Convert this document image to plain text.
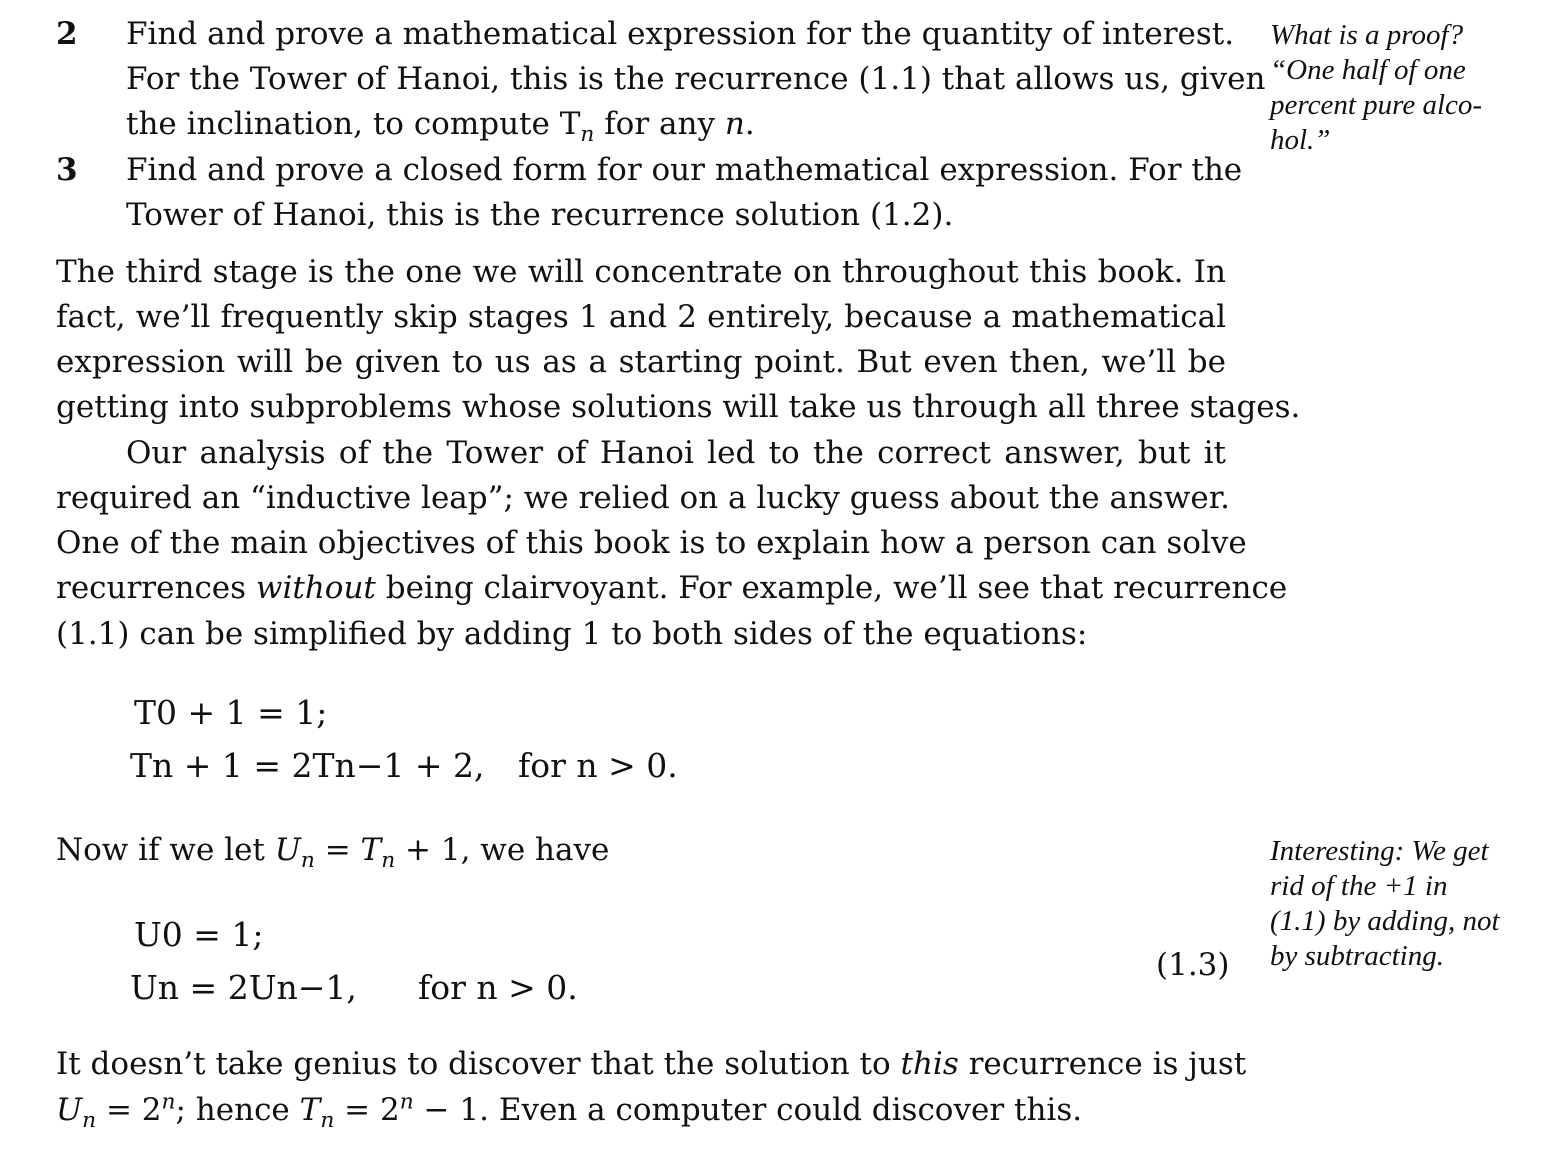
2 Find and prove a mathematical expression for the quantity of interest.
For the Tower of Hanoi, this is the recurrence (1.1) that allows us, given
the inclination, to compute $T_n$ for any n.
3 Find and prove a closed form for our mathematical expression. For the
Tower of Hanoi, this is the recurrence solution (1.2).
The third stage is the one we will concentrate on throughout this book. In
fact, we’ll frequently skip stages 1 and 2 entirely, because a mathematical
expression will be given to us as a starting point. But even then, we’ll be
getting into subproblems whose solutions will take us through all three stages.
Our analysis of the Tower of Hanoi led to the correct answer, but it
required an “inductive leap”; we relied on a lucky guess about the answer.
One of the main objectives of this book is to explain how a person can solve
recurrences without being clairvoyant. For example, we’ll see that recurrence
(1.1) can be simplified by adding 1 to both sides of the equations:
T0 + 1 = 1;
Tn + 1 = 2Tn−1 + 2, for n > 0.
Now if we let $U_n = T_n + 1$, we have
U0 = 1;
Un = 2Un−1, for n > 0.
(1.3)
It doesn’t take genius to discover that the solution to this recurrence is just
$U_n = 2^n$; hence $T_n = 2^n - 1$. Even a computer could discover this.
What is a proof?
“One half of one
percent pure alco-
hol.”
Interesting: We get
rid of the +1 in
(1.1) by adding, not
by subtracting.
